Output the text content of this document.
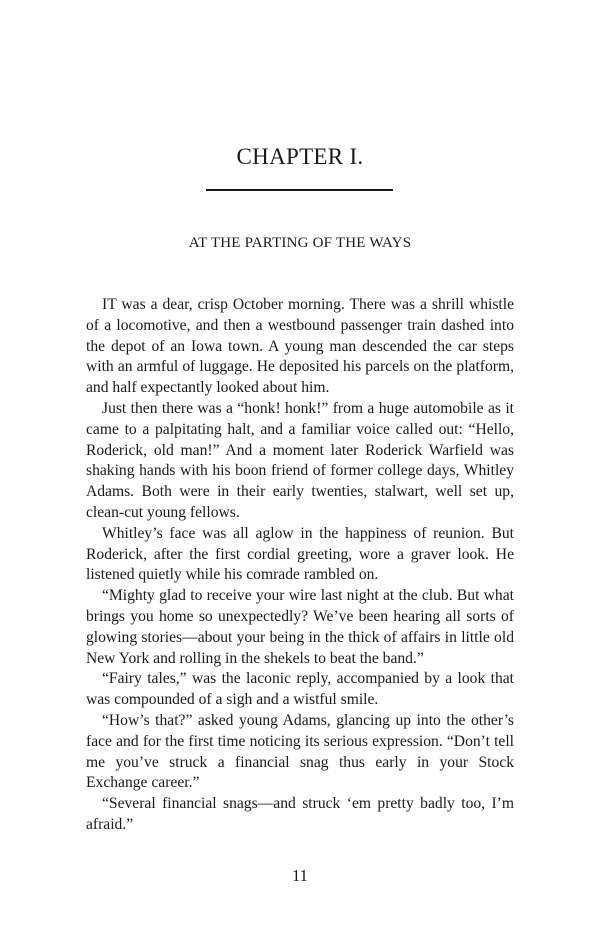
CHAPTER I.
AT THE PARTING OF THE WAYS

IT was a dear, crisp October morning. There was a shrill whistle of a locomotive, and then a westbound passenger train dashed into the depot of an Iowa town. A young man descended the car steps with an armful of luggage. He deposited his parcels on the platform, and half expectantly looked about him.

Just then there was a “honk! honk!” from a huge automobile as it came to a palpitating halt, and a familiar voice called out: “Hello, Roderick, old man!” And a moment later Roderick Warfield was shaking hands with his boon friend of former college days, Whitley Adams. Both were in their early twenties, stalwart, well set up, clean-cut young fellows.

Whitley’s face was all aglow in the happiness of reunion. But Roderick, after the first cordial greeting, wore a graver look. He listened quietly while his comrade rambled on.

“Mighty glad to receive your wire last night at the club. But what brings you home so unexpectedly? We’ve been hearing all sorts of glowing stories—about your being in the thick of affairs in little old New York and rolling in the shekels to beat the band.”

“Fairy tales,” was the laconic reply, accompanied by a look that was compounded of a sigh and a wistful smile.

“How’s that?” asked young Adams, glancing up into the other’s face and for the first time noticing its serious expression. “Don’t tell me you’ve struck a financial snag thus early in your Stock Exchange career.”

“Several financial snags—and struck ‘em pretty badly too, I’m afraid.”

11
